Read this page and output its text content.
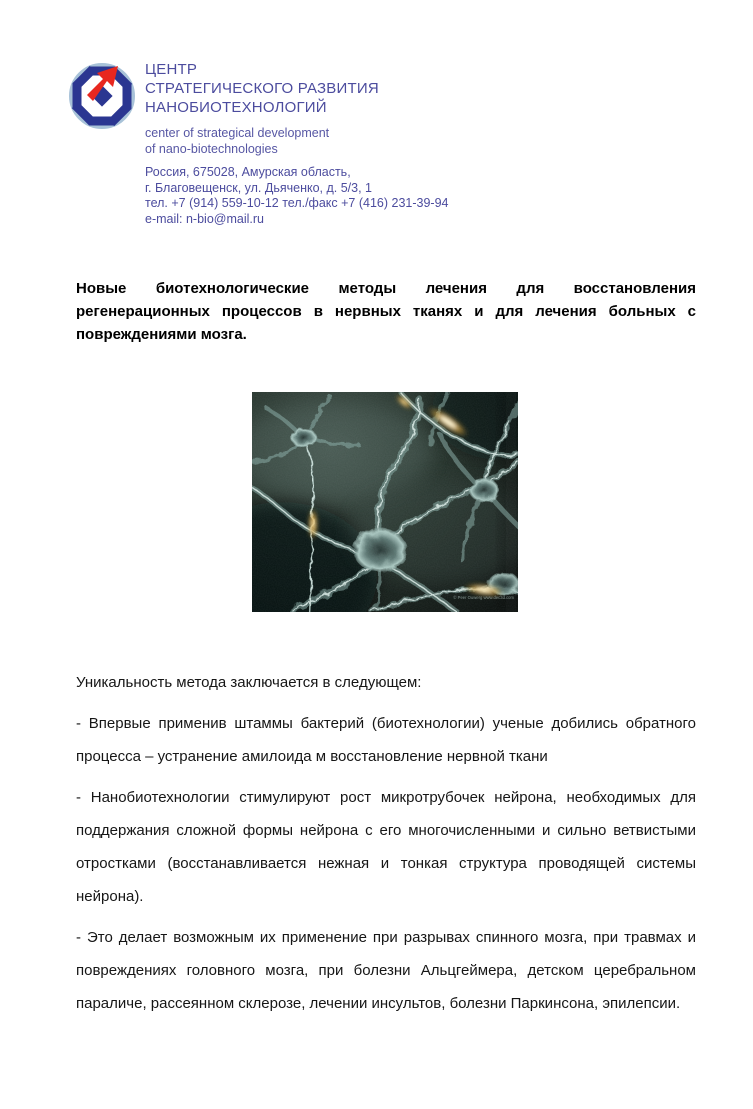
ЦЕНТР
СТРАТЕГИЧЕСКОГО РАЗВИТИЯ
НАНОБИОТЕХНОЛОГИЙ
center of strategical development
of nano-biotechnologies
Россия, 675028, Амурская область,
г. Благовещенск, ул. Дьяченко, д. 5/3, 1
тел. +7 (914) 559-10-12 тел./факс +7 (416) 231-39-94
e-mail: n-bio@mail.ru
Новые биотехнологические методы лечения для восстановления регенерационных процессов в нервных тканях и для лечения больных с повреждениями мозга.
© Peer Ouwerg www.dec3d.com

Уникальность метода заключается в следующем:

- Впервые применив штаммы бактерий (биотехнологии) ученые добились обратного процесса – устранение амилоида м восстановление нервной ткани

- Нанобиотехнологии стимулируют рост микротрубочек нейрона, необходимых для поддержания сложной формы нейрона с его многочисленными и сильно ветвистыми отростками (восстанавливается нежная и тонкая структура проводящей системы нейрона).

- Это делает возможным их применение при разрывах спинного мозга, при травмах и повреждениях головного мозга, при болезни Альцгеймера, детском церебральном параличе, рассеянном склерозе, лечении инсультов, болезни Паркинсона, эпилепсии.
